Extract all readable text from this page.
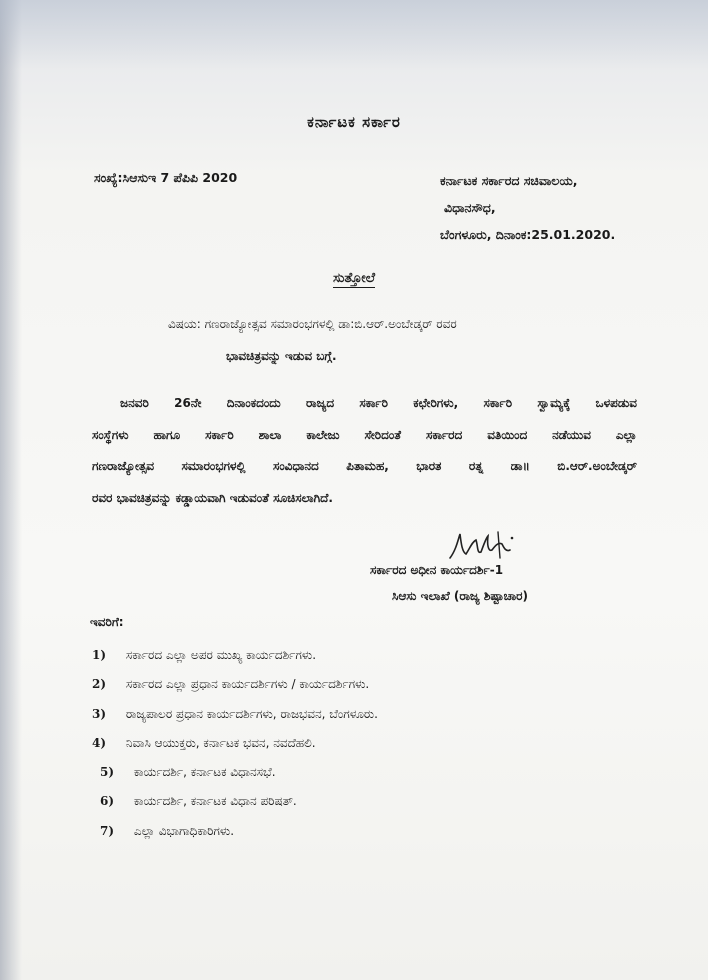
ಕರ್ನಾಟಕ ಸರ್ಕಾರ
ಸಂಖ್ಯೆ:ಸಿಆಸುಇ 7 ಪೆಪಿಪಿ 2020	ಕರ್ನಾಟಕ ಸರ್ಕಾರದ ಸಚಿವಾಲಯ,
ವಿಧಾನಸೌಧ,
ಬೆಂಗಳೂರು, ದಿನಾಂಕ:25.01.2020.
ಸುತ್ತೋಲೆ
ವಿಷಯ: ಗಣರಾಜ್ಯೋತ್ಸವ ಸಮಾರಂಭಗಳಲ್ಲಿ ಡಾ:ಬಿ.ಆರ್.ಅಂಬೇಡ್ಕರ್ ರವರ
ಭಾವಚಿತ್ರವನ್ನು ಇಡುವ ಬಗ್ಗೆ.
ಜನವರಿ 26ನೇ ದಿನಾಂಕದಂದು ರಾಜ್ಯದ ಸರ್ಕಾರಿ ಕಛೇರಿಗಳು, ಸರ್ಕಾರಿ ಸ್ವಾಮ್ಯಕ್ಕೆ ಒಳಪಡುವ
ಸಂಸ್ಥೆಗಳು ಹಾಗೂ ಸರ್ಕಾರಿ ಶಾಲಾ ಕಾಲೇಜು ಸೇರಿದಂತೆ ಸರ್ಕಾರದ ವತಿಯಿಂದ ನಡೆಯುವ ಎಲ್ಲಾ
ಗಣರಾಜ್ಯೋತ್ಸವ ಸಮಾರಂಭಗಳಲ್ಲಿ ಸಂವಿಧಾನದ ಪಿತಾಮಹ, ಭಾರತ ರತ್ನ ಡಾ॥ ಬಿ.ಆರ್.ಅಂಬೇಡ್ಕರ್
ರವರ ಭಾವಚಿತ್ರವನ್ನು ಕಡ್ಡಾಯವಾಗಿ ಇಡುವಂತೆ ಸೂಚಿಸಲಾಗಿದೆ.
ಸರ್ಕಾರದ ಅಧೀನ ಕಾರ್ಯದರ್ಶಿ-1
ಸಿಆಸು ಇಲಾಖೆ (ರಾಜ್ಯ ಶಿಷ್ಟಾಚಾರ)
ಇವರಿಗೆ:
1) ಸರ್ಕಾರದ ಎಲ್ಲಾ ಅಪರ ಮುಖ್ಯ ಕಾರ್ಯದರ್ಶಿಗಳು.
2) ಸರ್ಕಾರದ ಎಲ್ಲಾ ಪ್ರಧಾನ ಕಾರ್ಯದರ್ಶಿಗಳು / ಕಾರ್ಯದರ್ಶಿಗಳು.
3) ರಾಜ್ಯಪಾಲರ ಪ್ರಧಾನ ಕಾರ್ಯದರ್ಶಿಗಳು, ರಾಜಭವನ, ಬೆಂಗಳೂರು.
4) ನಿವಾಸಿ ಆಯುಕ್ತರು, ಕರ್ನಾಟಕ ಭವನ, ನವದೆಹಲಿ.
5) ಕಾರ್ಯದರ್ಶಿ, ಕರ್ನಾಟಕ ವಿಧಾನಸಭೆ.
6) ಕಾರ್ಯದರ್ಶಿ, ಕರ್ನಾಟಕ ವಿಧಾನ ಪರಿಷತ್.
7) ಎಲ್ಲಾ ವಿಭಾಗಾಧಿಕಾರಿಗಳು.
